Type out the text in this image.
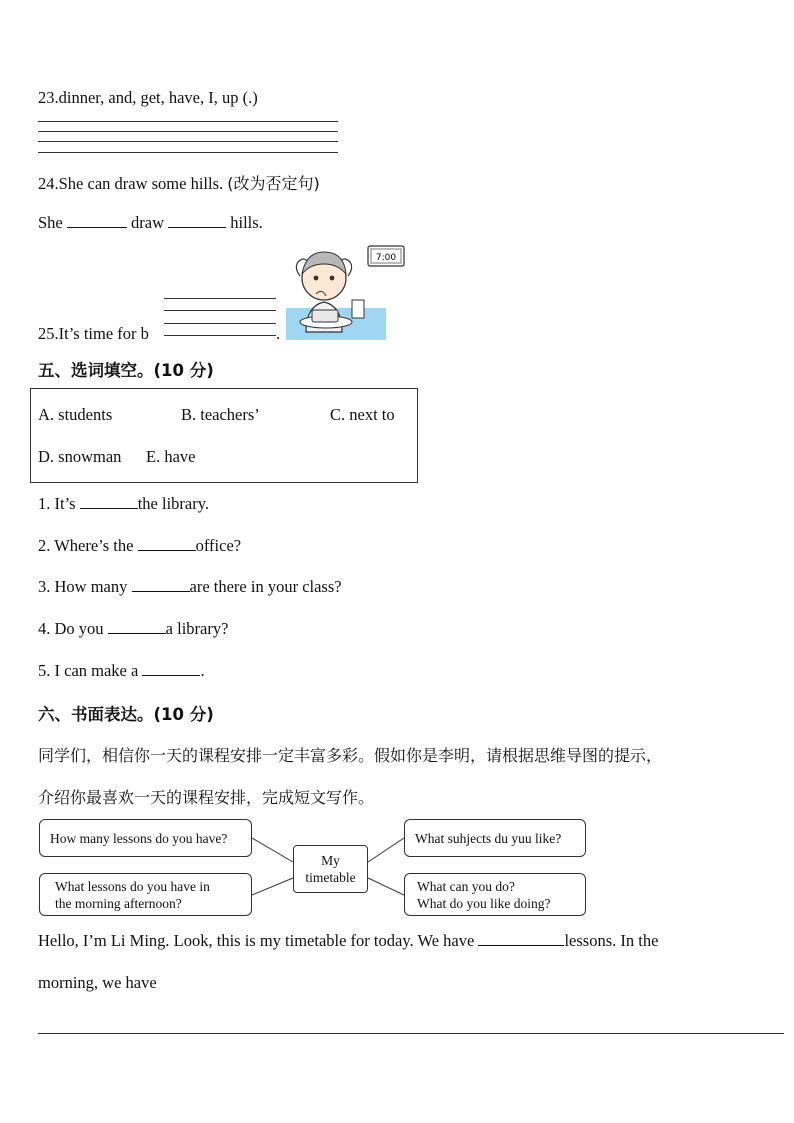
23.dinner, and, get, have, I, up (.)
24.She can draw some hills. (改为否定句)
She	draw	hills.
25.It’s time for b	.
7:00
五、选词填空。(10 分)
A. students	B. teachers’	C. next to
D. snowman E. have
1. It’s	the library.
2. Where’s the	office?
3. How many	are there in your class?
4. Do you	a library?
5. I can make a	.
六、书面表达。(10 分)
同学们，相信你一天的课程安排一定丰富多彩。假如你是李明，请根据思维导图的提示，
介绍你最喜欢一天的课程安排，完成短文写作。
How many lessons do you have?
What lessons do you have in
the morning afternoon?
My
timetable
What suhjects du yuu like?
What can you do?
What do you like doing?
Hello, I’m Li Ming. Look, this is my timetable for today. We have	lessons. In the
morning, we have
